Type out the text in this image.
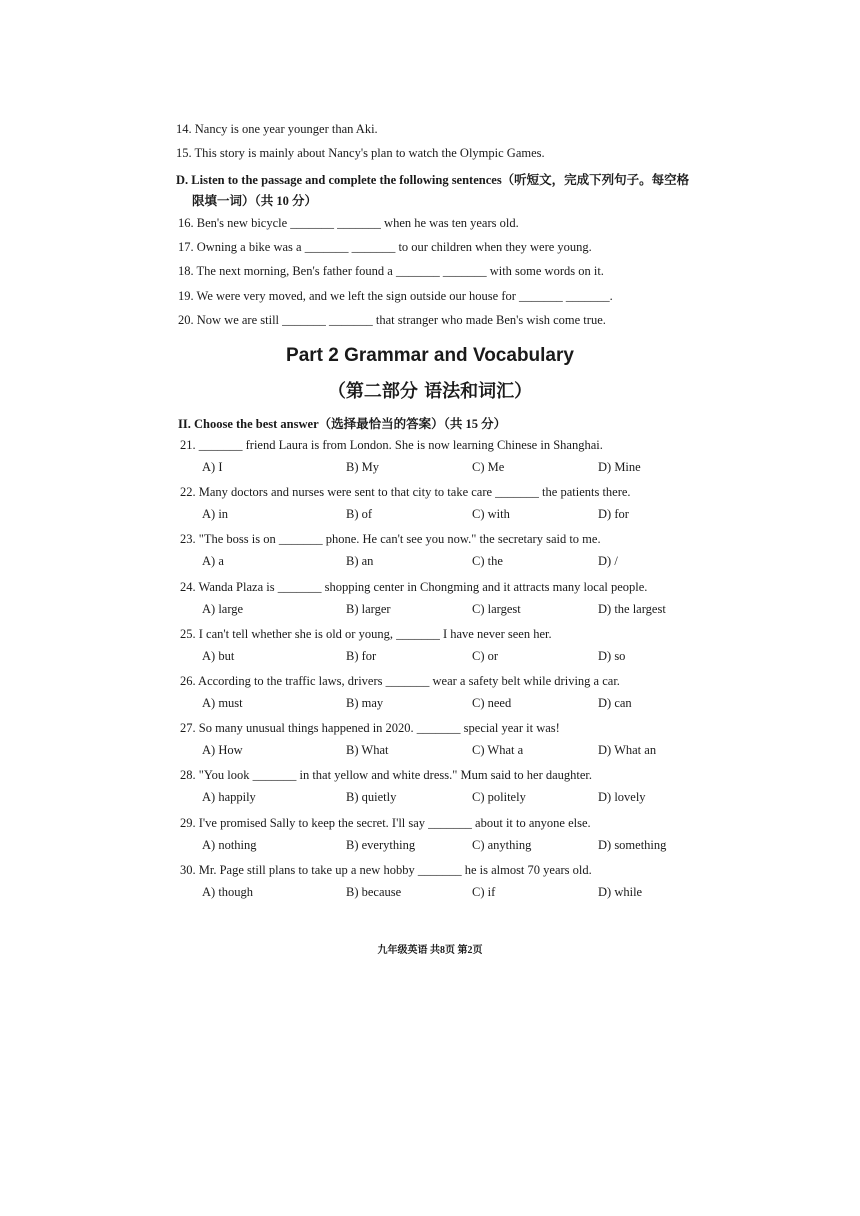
14. Nancy is one year younger than Aki.
15. This story is mainly about Nancy's plan to watch the Olympic Games.
D. Listen to the passage and complete the following sentences（听短文，完成下列句子。每空格
限填一词）（共 10 分）
16. Ben's new bicycle _______ _______ when he was ten years old.
17. Owning a bike was a _______ _______ to our children when they were young.
18. The next morning, Ben's father found a _______ _______ with some words on it.
19. We were very moved, and we left the sign outside our house for _______ _______.
20. Now we are still _______ _______ that stranger who made Ben's wish come true.
Part 2 Grammar and Vocabulary
（第二部分 语法和词汇）
II. Choose the best answer（选择最恰当的答案）（共 15 分）
21. _______ friend Laura is from London. She is now learning Chinese in Shanghai.
A) I	B) My	C) Me	D) Mine
22. Many doctors and nurses were sent to that city to take care _______ the patients there.
A) in	B) of	C) with	D) for
23. "The boss is on _______ phone. He can't see you now." the secretary said to me.
A) a	B) an	C) the	D) /
24. Wanda Plaza is _______ shopping center in Chongming and it attracts many local people.
A) large	B) larger	C) largest	D) the largest
25. I can't tell whether she is old or young, _______ I have never seen her.
A) but	B) for	C) or	D) so
26. According to the traffic laws, drivers _______ wear a safety belt while driving a car.
A) must	B) may	C) need	D) can
27. So many unusual things happened in 2020. _______ special year it was!
A) How	B) What	C) What a	D) What an
28. "You look _______ in that yellow and white dress." Mum said to her daughter.
A) happily	B) quietly	C) politely	D) lovely
29. I've promised Sally to keep the secret. I'll say _______ about it to anyone else.
A) nothing	B) everything	C) anything	D) something
30. Mr. Page still plans to take up a new hobby _______ he is almost 70 years old.
A) though	B) because	C) if	D) while
九年级英语 共8页 第2页
